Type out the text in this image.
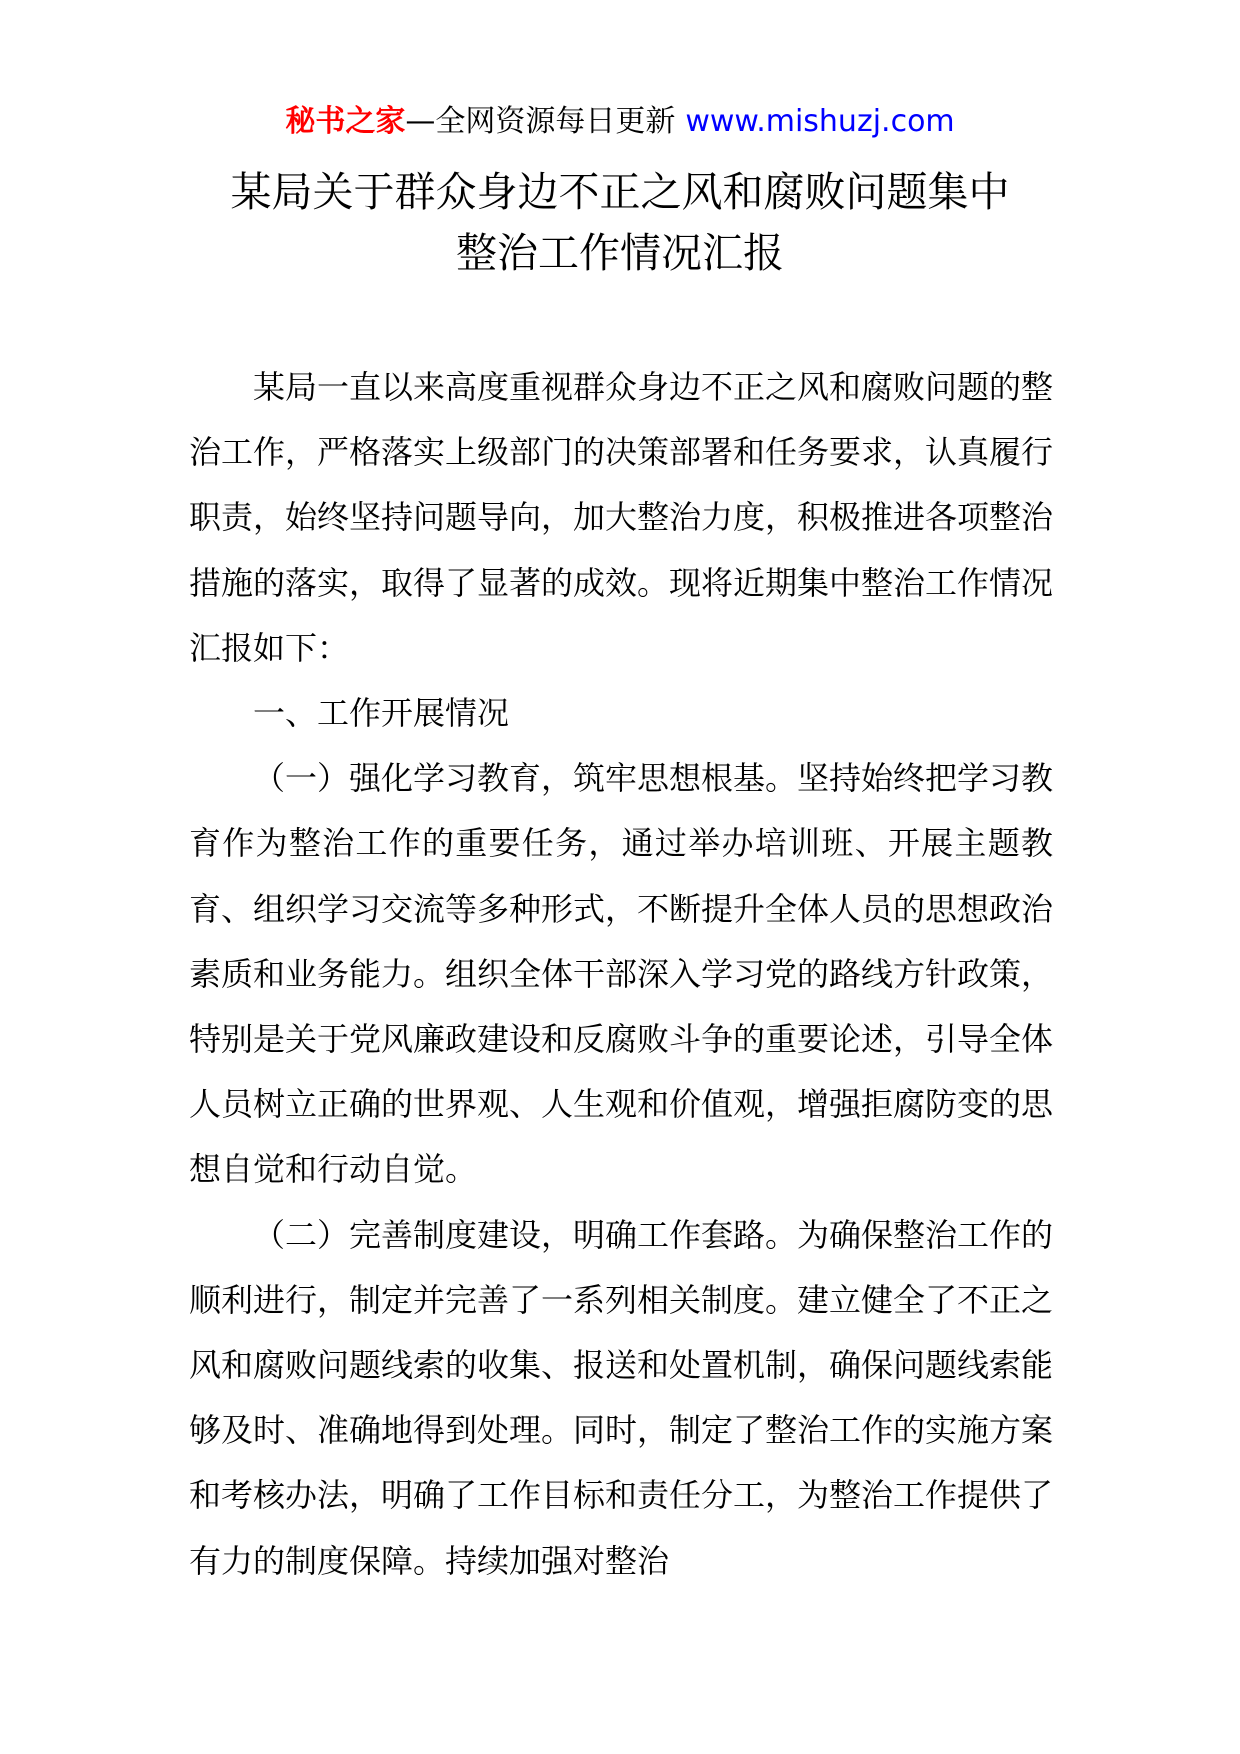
秘书之家—全网资源每日更新 www.mishuzj.com
某局关于群众身边不正之风和腐败问题集中
整治工作情况汇报

某局一直以来高度重视群众身边不正之风和腐败问题的整治工作，严格落实上级部门的决策部署和任务要求，认真履行职责，始终坚持问题导向，加大整治力度，积极推进各项整治措施的落实，取得了显著的成效。现将近期集中整治工作情况汇报如下：

一、工作开展情况

（一）强化学习教育，筑牢思想根基。坚持始终把学习教育作为整治工作的重要任务，通过举办培训班、开展主题教育、组织学习交流等多种形式，不断提升全体人员的思想政治素质和业务能力。组织全体干部深入学习党的路线方针政策，特别是关于党风廉政建设和反腐败斗争的重要论述，引导全体人员树立正确的世界观、人生观和价值观，增强拒腐防变的思想自觉和行动自觉。

（二）完善制度建设，明确工作套路。为确保整治工作的顺利进行，制定并完善了一系列相关制度。建立健全了不正之风和腐败问题线索的收集、报送和处置机制，确保问题线索能够及时、准确地得到处理。同时，制定了整治工作的实施方案和考核办法，明确了工作目标和责任分工，为整治工作提供了有力的制度保障。持续加强对整治
